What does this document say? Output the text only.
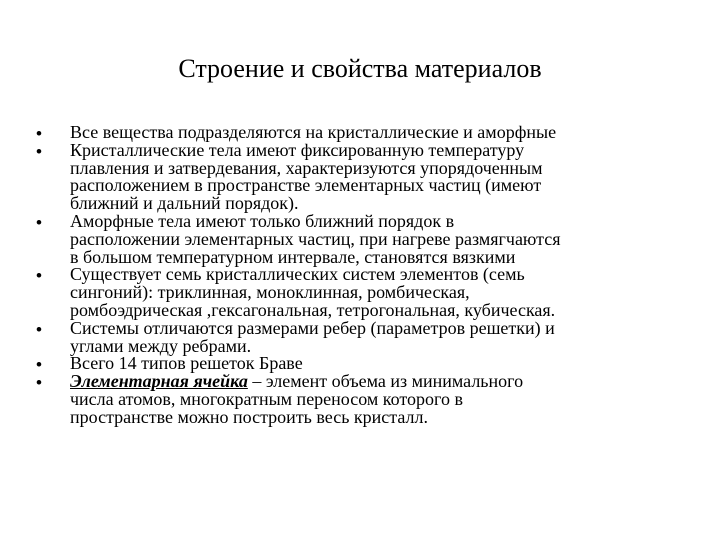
Строение и свойства материалов
•	Все вещества подразделяются на кристаллические и аморфные
•	Кристаллические тела имеют фиксированную температуру
плавления и затвердевания, характеризуются упорядоченным
расположением в пространстве элементарных частиц (имеют
ближний и дальний порядок).
•	Аморфные тела имеют только ближний порядок в
расположении элементарных частиц, при нагреве размягчаются
в большом температурном интервале, становятся вязкими
•	Существует семь кристаллических систем элементов (семь
сингоний): триклинная, моноклинная, ромбическая,
ромбоэдрическая ,гексагональная, тетрогональная, кубическая.
•	Системы отличаются размерами ребер (параметров решетки) и
углами между ребрами.
•	Всего 14 типов решеток Браве
•	Элементарная ячейка – элемент объема из минимального
числа атомов, многократным переносом которого в
пространстве можно построить весь кристалл.
